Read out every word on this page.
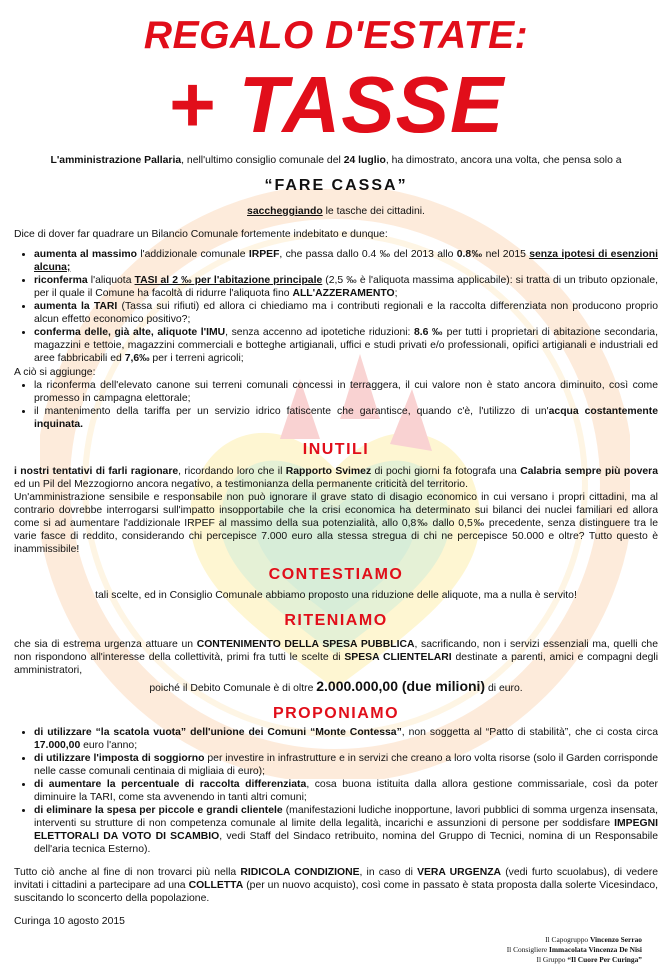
REGALO D'ESTATE:
+ TASSE

L'amministrazione Pallaria, nell'ultimo consiglio comunale del 24 luglio, ha dimostrato, ancora una volta, che pensa solo a

“FARE CASSA”

saccheggiando le tasche dei cittadini.

Dice di dover far quadrare un Bilancio Comunale fortemente indebitato e dunque:

• aumenta al massimo l'addizionale comunale IRPEF, che passa dallo 0.4 ‰ del 2013 allo 0.8‰ nel 2015 senza ipotesi di esenzioni alcuna;
• riconferma l'aliquota TASI al 2 ‰ per l'abitazione principale (2,5 ‰ è l'aliquota massima applicabile): si tratta di un tributo opzionale, per il quale il Comune ha facoltà di ridurre l'aliquota fino ALL'AZZERAMENTO;
• aumenta la TARI (Tassa sui rifiuti) ed allora ci chiediamo ma i contributi regionali e la raccolta differenziata non producono proprio alcun effetto economico positivo?;
• conferma delle, già alte, aliquote l'IMU, senza accenno ad ipotetiche riduzioni: 8.6 ‰ per tutti i proprietari di abitazione secondaria, magazzini e tettoie, magazzini commerciali e botteghe artigianali, uffici e studi privati e/o professionali, opifici artigianali e industriali ed aree fabbricabili ed 7,6‰ per i terreni agricoli;

A ciò si aggiunge:

• la riconferma dell'elevato canone sui terreni comunali concessi in terraggera, il cui valore non è stato ancora diminuito, così come promesso in campagna elettorale;
• il mantenimento della tariffa per un servizio idrico fatiscente che garantisce, quando c'è, l'utilizzo di un'acqua costantemente inquinata.
INUTILI

i nostri tentativi di farli ragionare, ricordando loro che il Rapporto Svimez di pochi giorni fa fotografa una Calabria sempre più povera ed un Pil del Mezzogiorno ancora negativo, a testimonianza della permanente criticità del territorio.

Un'amministrazione sensibile e responsabile non può ignorare il grave stato di disagio economico in cui versano i propri cittadini, ma al contrario dovrebbe interrogarsi sull'impatto insopportabile che la crisi economica ha determinato sui bilanci dei nuclei familiari ed allora come si ad aumentare l'addizionale IRPEF al massimo della sua potenzialità, allo 0,8‰ dallo 0,5‰ precedente, senza distinguere tra le varie fasce di reddito, considerando chi percepisce 7.000 euro alla stessa stregua di chi ne percepisce 50.000 e oltre? Tutto questo è inammissibile!

CONTESTIAMO

tali scelte, ed in Consiglio Comunale abbiamo proposto una riduzione delle aliquote, ma a nulla è servito!

RITENIAMO

che sia di estrema urgenza attuare un CONTENIMENTO DELLA SPESA PUBBLICA, sacrificando, non i servizi essenziali ma, quelli che non rispondono all'interesse della collettività, primi fra tutti le scelte di SPESA CLIENTELARI destinate a parenti, amici e compagni degli amministratori,

poiché il Debito Comunale è di oltre 2.000.000,00 (due milioni) di euro.

PROPONIAMO
• di utilizzare “la scatola vuota” dell'unione dei Comuni “Monte Contessa”, non soggetta al “Patto di stabilità”, che ci costa circa 17.000,00 euro l'anno;
• di utilizzare l'imposta di soggiorno per investire in infrastrutture e in servizi che creano a loro volta risorse (solo il Garden corrisponde nelle casse comunali centinaia di migliaia di euro);
• di aumentare la percentuale di raccolta differenziata, cosa buona istituita dalla allora gestione commissariale, così da poter diminuire la TARI, come sta avvenendo in tanti altri comuni;
• di eliminare la spesa per piccole e grandi clientele (manifestazioni ludiche inopportune, lavori pubblici di somma urgenza insensata, interventi su strutture di non competenza comunale al limite della legalità, incarichi e assunzioni di persone per soddisfare IMPEGNI ELETTORALI DA VOTO DI SCAMBIO, vedi Staff del Sindaco retribuito, nomina del Gruppo di Tecnici, nomina di un Responsabile dell'aria tecnica Esterno).

Tutto ciò anche al fine di non trovarci più nella RIDICOLA CONDIZIONE, in caso di VERA URGENZA (vedi furto scuolabus), di vedere invitati i cittadini a partecipare ad una COLLETTA (per un nuovo acquisto), così come in passato è stata proposta dalla solerte Vicesindaco, suscitando lo sconcerto della popolazione.

Curinga 10 agosto 2015

Il Capogruppo Vincenzo Serrao
Il Consigliere Immacolata Vincenza De Nisi
Il Gruppo “Il Cuore Per Curinga”
